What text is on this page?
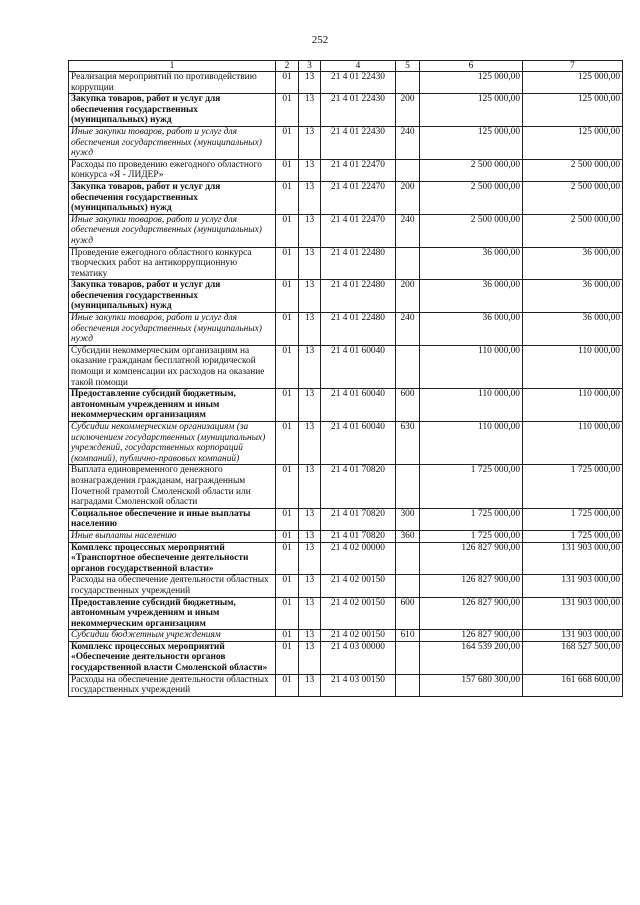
252
1	2	3	4	5	6	7
Реализация мероприятий по противодействию коррупции	01	13	21 4 01 22430		125 000,00	125 000,00
Закупка товаров, работ и услуг для обеспечения государственных (муниципальных) нужд	01	13	21 4 01 22430	200	125 000,00	125 000,00
Иные закупки товаров, работ и услуг для обеспечения государственных (муниципальных) нужд	01	13	21 4 01 22430	240	125 000,00	125 000,00
Расходы по проведению ежегодного областного конкурса «Я - ЛИДЕР»	01	13	21 4 01 22470		2 500 000,00	2 500 000,00
Закупка товаров, работ и услуг для обеспечения государственных (муниципальных) нужд	01	13	21 4 01 22470	200	2 500 000,00	2 500 000,00
Иные закупки товаров, работ и услуг для обеспечения государственных (муниципальных) нужд	01	13	21 4 01 22470	240	2 500 000,00	2 500 000,00
Проведение ежегодного областного конкурса творческих работ на антикоррупционную тематику	01	13	21 4 01 22480		36 000,00	36 000,00
Закупка товаров, работ и услуг для обеспечения государственных (муниципальных) нужд	01	13	21 4 01 22480	200	36 000,00	36 000,00
Иные закупки товаров, работ и услуг для обеспечения государственных (муниципальных) нужд	01	13	21 4 01 22480	240	36 000,00	36 000,00
Субсидии некоммерческим организациям на оказание гражданам бесплатной юридической помощи и компенсации их расходов на оказание такой помощи	01	13	21 4 01 60040		110 000,00	110 000,00
Предоставление субсидий бюджетным, автономным учреждениям и иным некоммерческим организациям	01	13	21 4 01 60040	600	110 000,00	110 000,00
Субсидии некоммерческим организациям (за исключением государственных (муниципальных) учреждений, государственных корпораций (компаний), публично-правовых компаний)	01	13	21 4 01 60040	630	110 000,00	110 000,00
Выплата единовременного денежного вознаграждения гражданам, награжденным Почетной грамотой Смоленской области или наградами Смоленской области	01	13	21 4 01 70820		1 725 000,00	1 725 000,00
Социальное обеспечение и иные выплаты населению	01	13	21 4 01 70820	300	1 725 000,00	1 725 000,00
Иные выплаты населению	01	13	21 4 01 70820	360	1 725 000,00	1 725 000,00
Комплекс процессных мероприятий «Транспортное обеспечение деятельности органов государственной власти»	01	13	21 4 02 00000		126 827 900,00	131 903 000,00
Расходы на обеспечение деятельности областных государственных учреждений	01	13	21 4 02 00150		126 827 900,00	131 903 000,00
Предоставление субсидий бюджетным, автономным учреждениям и иным некоммерческим организациям	01	13	21 4 02 00150	600	126 827 900,00	131 903 000,00
Субсидии бюджетным учреждениям	01	13	21 4 02 00150	610	126 827 900,00	131 903 000,00
Комплекс процессных мероприятий «Обеспечение деятельности органов государственной власти Смоленской области»	01	13	21 4 03 00000		164 539 200,00	168 527 500,00
Расходы на обеспечение деятельности областных государственных учреждений	01	13	21 4 03 00150		157 680 300,00	161 668 600,00
